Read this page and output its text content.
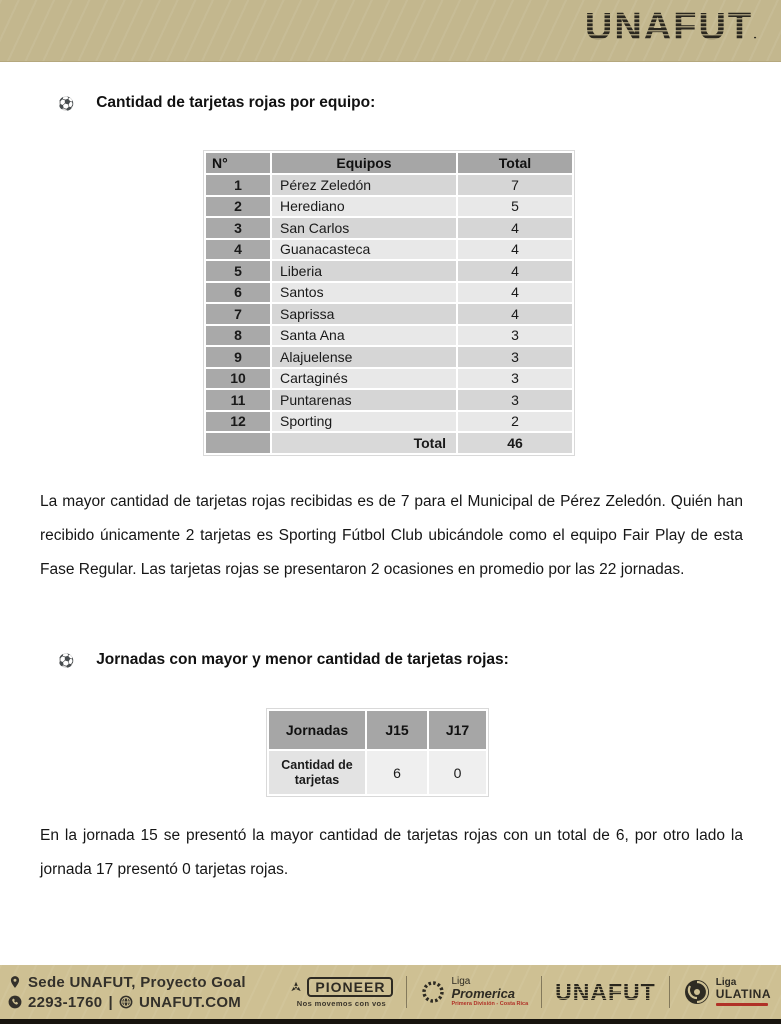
UNAFUT.
⚽ Cantidad de tarjetas rojas por equipo:
N°	Equipos	Total
1	Pérez Zeledón	7
2	Herediano	5
3	San Carlos	4
4	Guanacasteca	4
5	Liberia	4
6	Santos	4
7	Saprissa	4
8	Santa Ana	3
9	Alajuelense	3
10	Cartaginés	3
11	Puntarenas	3
12	Sporting	2
	Total	46

La mayor cantidad de tarjetas rojas recibidas es de 7 para el Municipal de Pérez Zeledón. Quién han recibido únicamente 2 tarjetas es Sporting Fútbol Club ubicándole como el equipo Fair Play de esta Fase Regular. Las tarjetas rojas se presentaron 2 ocasiones en promedio por las 22 jornadas.

⚽ Jornadas con mayor y menor cantidad de tarjetas rojas:
Jornadas	J15	J17
Cantidad de tarjetas	6	0

En la jornada 15 se presentó la mayor cantidad de tarjetas rojas con un total de 6, por otro lado la jornada 17 presentó 0 tarjetas rojas.

Sede UNAFUT, Proyecto Goal
2293-1760 | UNAFUT.COM
PIONEER
Nos movemos con vos
Liga
Promerica
Primera División - Costa Rica UNAFUT	Liga
ULATINA
